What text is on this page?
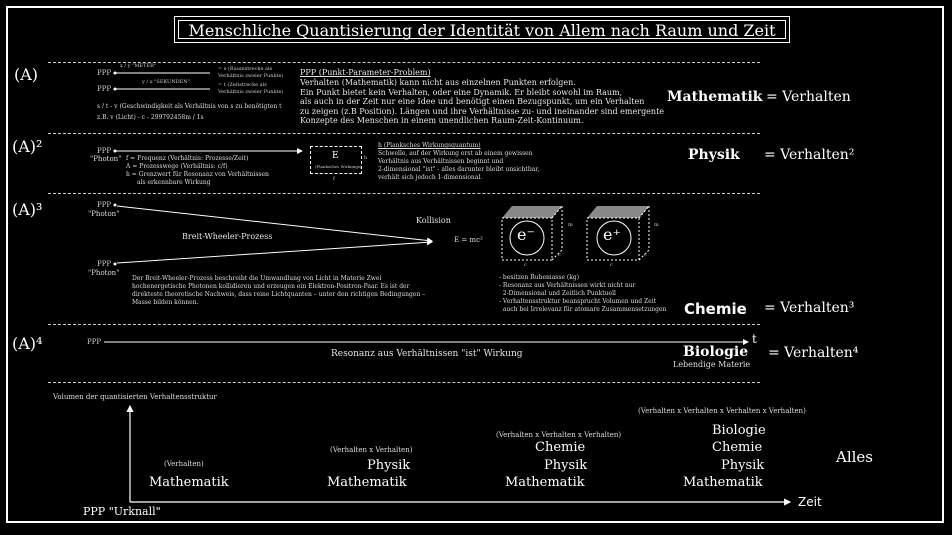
Menschliche Quantisierung der Identität von Allem nach Raum und Zeit
(A)	PPP
PPP
x / y "METER"
y / x "SEKUNDEN"
= s (Raumstrecke als Verhältnis zweier Punkte)
= t (Zeitstrecke als Verhältnis zweier Punkte)
s / t - v (Geschwindigkeit als Verhältnis von s zu benötigten t
z.B. v (Licht) - c - 299792458m / 1s
PPP (Punkt-Parameter-Problem)
Verhalten (Mathematik) kann nicht aus einzelnen Punkten erfolgen.
Ein Punkt bietet kein Verhalten, oder eine Dynamik. Er bleibt sowohl im Raum,
als auch in der Zeit nur eine Idee und benötigt einen Bezugspunkt, um ein Verhalten
zu zeigen (z.B Position). Längen und ihre Verhältnisse zu- und ineinander sind emergente
Konzepte des Menschen in einem unendlichen Raum-Zeit-Kontinuum.
Mathematik = Verhalten
(A)²	PPP
"Photon" f = Frequenz (Verhältnis: Prozesse/Zeit)
A = Prozesswege (Verhältnis: c/f)
h = Grenzwert für Resonanz von Verhältnissen
als erkennbare Wirkung
E
(Planksches Wirkungs)
h
f
h (Planksches Wirkungsquantum)
Schwelle, auf der Wirkung erst ab einem gewissen
Verhältnis aus Verhältnissen beginnt und
2-dimensional "ist" - alles darunter bleibt unsichtbar,
verhält sich jedoch 1-dimensional.
Physik = Verhalten²
(A)³	PPP
"Photon"
PPP
"Photon"
Breit-Wheeler-Prozess
Kollision
E = mc² e⁻	e⁺
m
c
c
m
c
c
Der Breit-Wheeler-Prozess beschreibt die Umwandlung von Licht in Materie Zwei
hochenergetische Photonen kollidieren und erzeugen ein Elektron-Positron-Paar. Es ist der
direkteste theoretische Nachweis, dass reine Lichtquanten – unter den richtigen Bedingungen –
Masse bilden können.
- besitzen Ruhemasse (kg)
- Resonanz aus Verhältnissen wirkt nicht nur
2-Dimensional und Zeitlich Punktuell
- Verhaltensstruktur beansprucht Volumen und Zeit
auch bei Irrelevanz für atomare Zusammensetzungen Chemie = Verhalten³
(A)⁴	PPP	t
Resonanz aus Verhältnissen "ist" Wirkung	Biologie
Lebendige Materie
= Verhalten⁴
Volumen der quantisierten Verhaltensstruktur
Zeit
PPP "Urknall"
(Verhalten)
Mathematik
(Verhalten x Verhalten)
Physik
Mathematik
(Verhalten x Verhalten x Verhalten)
Chemie
Physik
Mathematik
(Verhalten x Verhalten x Verhalten x Verhalten)
Biologie
Chemie
Physik
Mathematik
Alles
